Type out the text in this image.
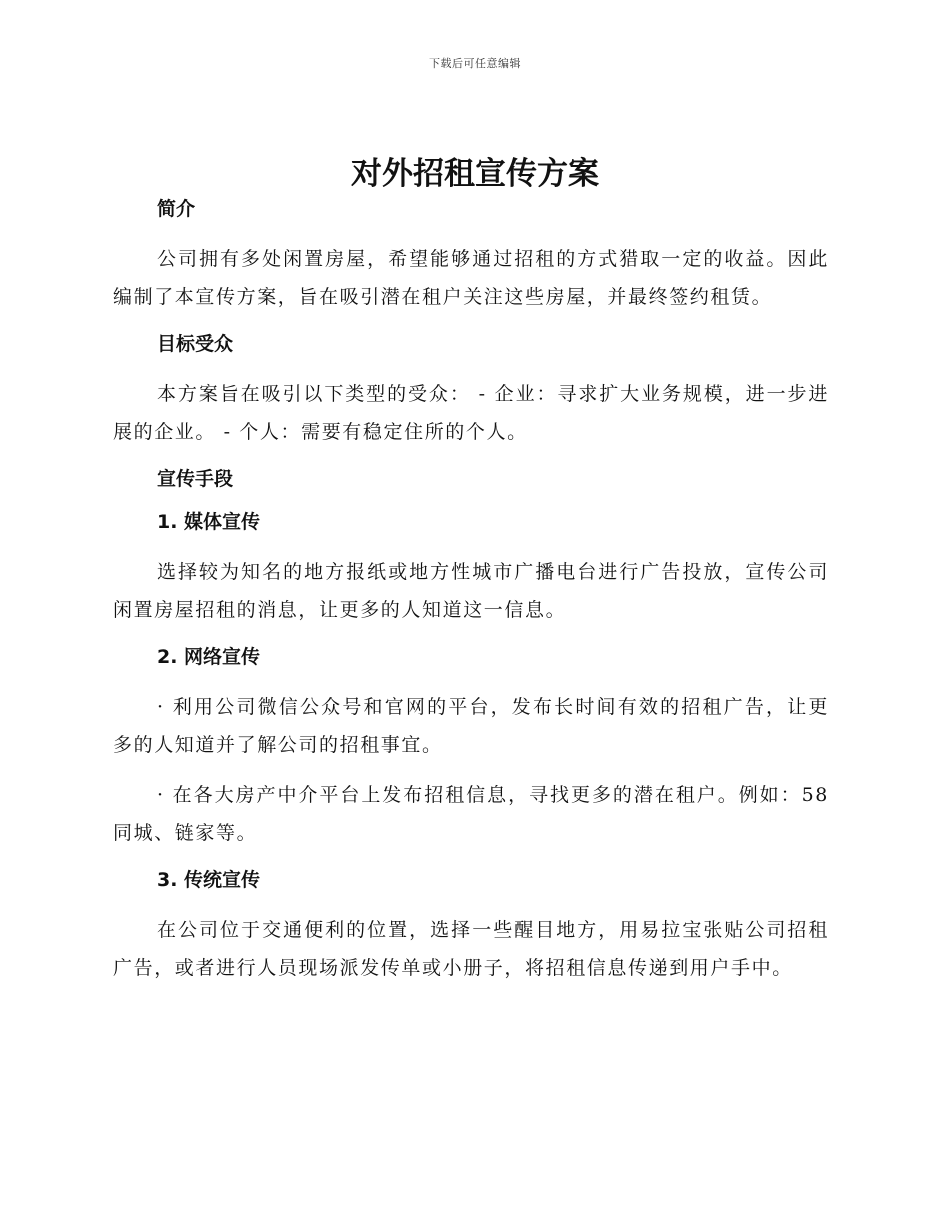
下载后可任意编辑
对外招租宣传方案
简介

公司拥有多处闲置房屋，希望能够通过招租的方式猎取一定的收益。因此编制了本宣传方案，旨在吸引潜在租户关注这些房屋，并最终签约租赁。

目标受众

本方案旨在吸引以下类型的受众： - 企业：寻求扩大业务规模，进一步进展的企业。 - 个人：需要有稳定住所的个人。

宣传手段
1. 媒体宣传

选择较为知名的地方报纸或地方性城市广播电台进行广告投放，宣传公司闲置房屋招租的消息，让更多的人知道这一信息。

2. 网络宣传

· 利用公司微信公众号和官网的平台，发布长时间有效的招租广告，让更多的人知道并了解公司的招租事宜。

· 在各大房产中介平台上发布招租信息，寻找更多的潜在租户。例如：58 同城、链家等。

3. 传统宣传

在公司位于交通便利的位置，选择一些醒目地方，用易拉宝张贴公司招租广告，或者进行人员现场派发传单或小册子，将招租信息传递到用户手中。
